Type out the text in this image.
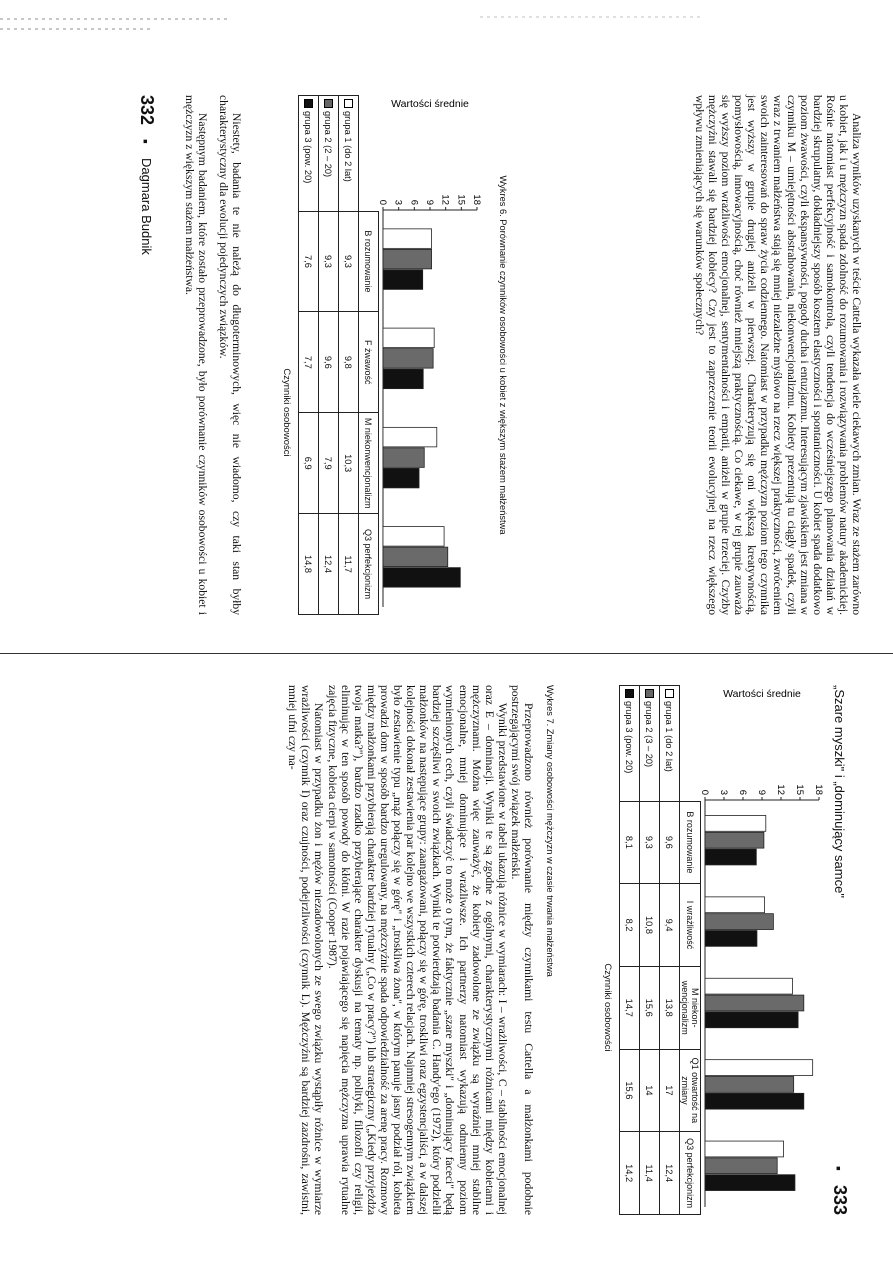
332
▪
Dagmara Budnik	Niestety, badania te nie należą do długoterminowych, więc nie wiadomo, czy taki stan byłby charakterystyczny dla ewolucji pojedynczych związków.

Następnym badaniem, które zostało przeprowadzone, było porównanie czynników osobowości u kobiet i mężczyzn z większym stażem małżeństwa.	Wartości średnie
0 3 6 9 12 15 18
	B rozumowanie	F żwawość	M niekonwencjonalizm	Q3 perfekcjonizm
grupa 1 (do 2 lat)	9,3	9,8	10,3	11,7
grupa 2 (2 – 20)	9,3	9,6	7,9	12,4
grupa 3 (pow. 20)	7,6	7,7	6,9	14,8
Czynniki osobowości	Wykres 6. Porównanie czynników osobowości u kobiet z większym stażem małżeństwa	Analiza wyników uzyskanych w teście Cattella wykazała wiele ciekawych zmian. Wraz ze stażem zarówno u kobiet, jak i u mężczyzn spada zdolność do rozumowania i rozwiązywania problemów natury akademickiej. Rośnie natomiast perfekcyjność i samokontrola, czyli tendencja do wcześniejszego planowania działań w bardziej skrupulatny, dokładniejszy sposób kosztem elastyczności i spontaniczności. U kobiet spada dodatkowo poziom żwawości, czyli ekspansywności, pogody ducha i entuzjazmu. Interesującym zjawiskiem jest zmiana w czynniku M – umiejętności abstrahowania, niekonwencjonalizmu. Kobiety prezentują tu ciągły spadek, czyli wraz z trwaniem małżeństwa stają się mniej niezależne myślowo na rzecz większej praktyczności, zwróceniem swoich zainteresowań do spraw życia codziennego. Natomiast w przypadku mężczyzn poziom tego czynnika jest wyższy w grupie drugiej aniżeli w pierwszej. Charakteryzują się oni większą kreatywnością, pomysłowością, innowacyjnością, choć również mniejszą praktycznością. Co ciekawe, w tej grupie zauważa się wyższy poziom wrażliwości emocjonalnej, sentymentalności i empatii, aniżeli w grupie trzeciej. Czyżby mężczyźni stawali się bardziej kobiecy? Czy jest to zaprzeczenie teorii ewolucyjnej na rzecz większego wpływu zmieniających się warunków społecznych?

„Szare myszki" i „dominujący samce"
▪
333
Wartości średnie
0 3 6 9 12 15 18
	B rozumowanie	I wrażliwość	M niekon-wencjonalizm	Q1 otwartość na zmiany	Q3 perfekcjonizm
grupa 1 (do 2 lat)	9,6	9,4	13,8	17	12,4
grupa 2 (3 – 20)	9,3	10,8	15,6	14	11,4
grupa 3 (pow. 20)	8,1	8,2	14,7	15,6	14,2
Czynniki osobowości
Wykres 7. Zmiany osobowości mężczyzn w czasie trwania małżeństwa

Przeprowadzono również porównanie między czynnikami testu Cattella a małżonkami podobnie postrzegającymi swój związek małżeński.

Wyniki przedstawione w tabeli ukazują różnice w wymiarach: I – wrażliwości, C – stabilności emocjonalnej oraz E – dominacji. Wyniki te są zgodne z ogólnymi, charakterystycznymi różnicami między kobietami i mężczyznami. Można więc zauważyć, że kobiety zadowolone ze związku są wyraźniej mniej stabilne emocjonalne, mniej dominujące i wrażliwsze. Ich partnerzy natomiast wykazują odmienny poziom wymienionych cech, czyli świadczyć to może o tym, że faktycznie „szare myszki" i „dominujący faceci" będą bardziej szczęśliwi w swoich związkach. Wyniki te potwierdzają badania C. Handy'ego (1972), który podzielił małżonków na następujące grupy: zaangażowani, połączy się w górę, troskliwi oraz egzystencjaliści, a w dalszej kolejności dokonał zestawienia par kolejno we wszystkich czterech relacjach. Najmniej stresogennym związkiem było zestawienie typu „mąż połączy się w górę" i „troskliwa żona", w którym panuje jasny podział ról, kobieta prowadzi dom w sposób bardzo uregulowany, na mężczyźnie spada odpowiedzialność za arenę pracy. Rozmowy między małżonkami przybierają charakter bardziej rytualny („Co w pracy?") lub strategiczny („Kiedy przyjeżdża twoja matka?"), bardzo rzadko przybierające charakter dyskusji na tematy np. polityki, filozofii czy religii, eliminując w ten sposób powody do kłótni. W razie pojawiającego się napięcia mężczyzna uprawia rytualne zajęcia fizyczne, kobieta cierpi w samotności (Cooper 1987).

Natomiast w przypadku żon i mężów niezadowolonych ze swego związku wystąpiły różnice w wymiarze wrażliwości (czynnik I) oraz czujności, podejrzliwości (czynnik L). Mężczyźni są bardziej zazdrośni, zawistni, mniej ufni czy na-
